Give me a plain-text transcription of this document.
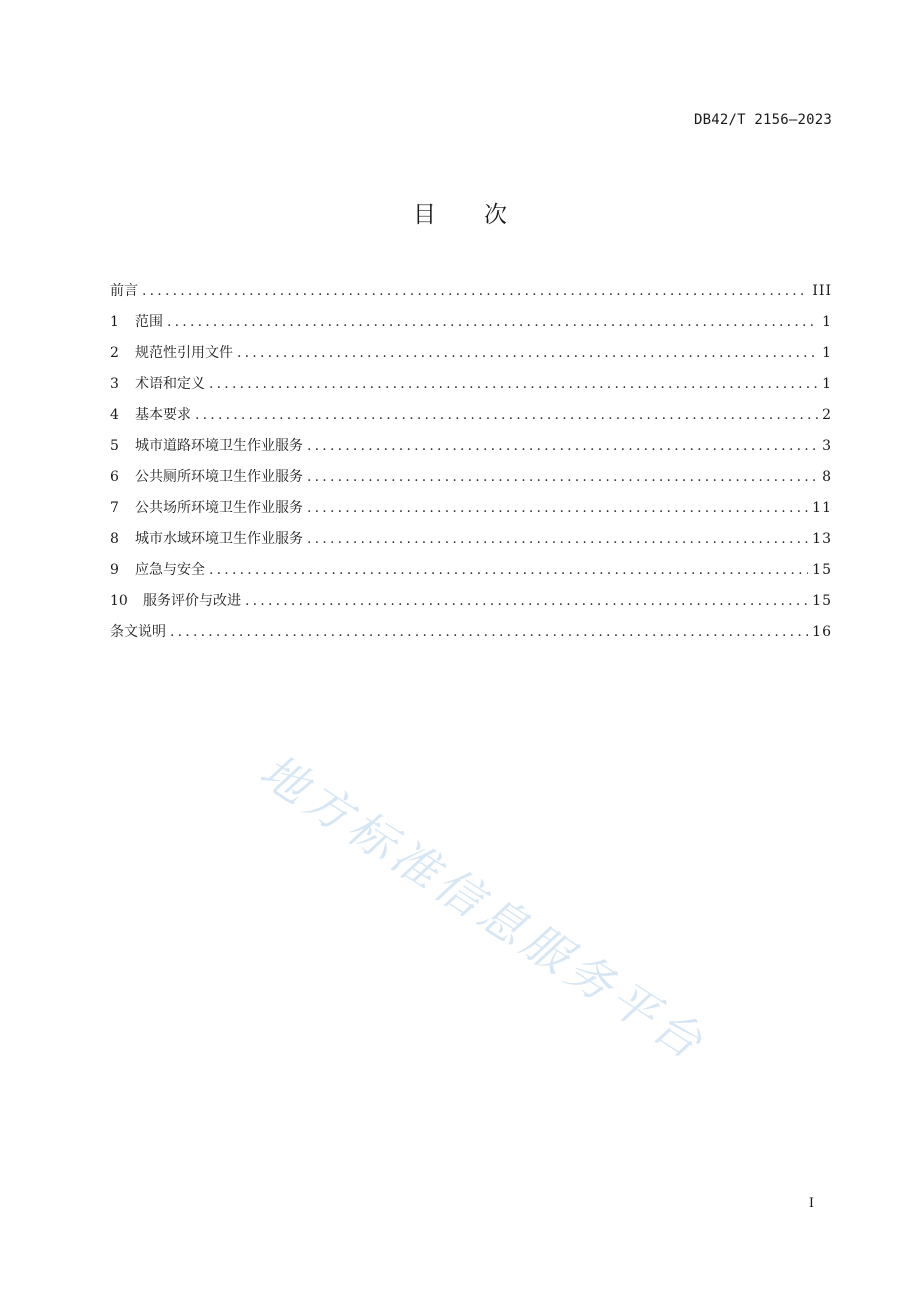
DB42/T 2156—2023
目 次
前言 .....	III
1	范围 .....	1
2	规范性引用文件 .....	1
3	术语和定义 .....	1
4	基本要求 .....	2
5	城市道路环境卫生作业服务 .....	3
6	公共厕所环境卫生作业服务 .....	8
7	公共场所环境卫生作业服务 .....	11
8	城市水域环境卫生作业服务 .....	13
9	应急与安全 .....	15
10	服务评价与改进 .....	15
条文说明 .....	16
地方标准信息服务平台
I
